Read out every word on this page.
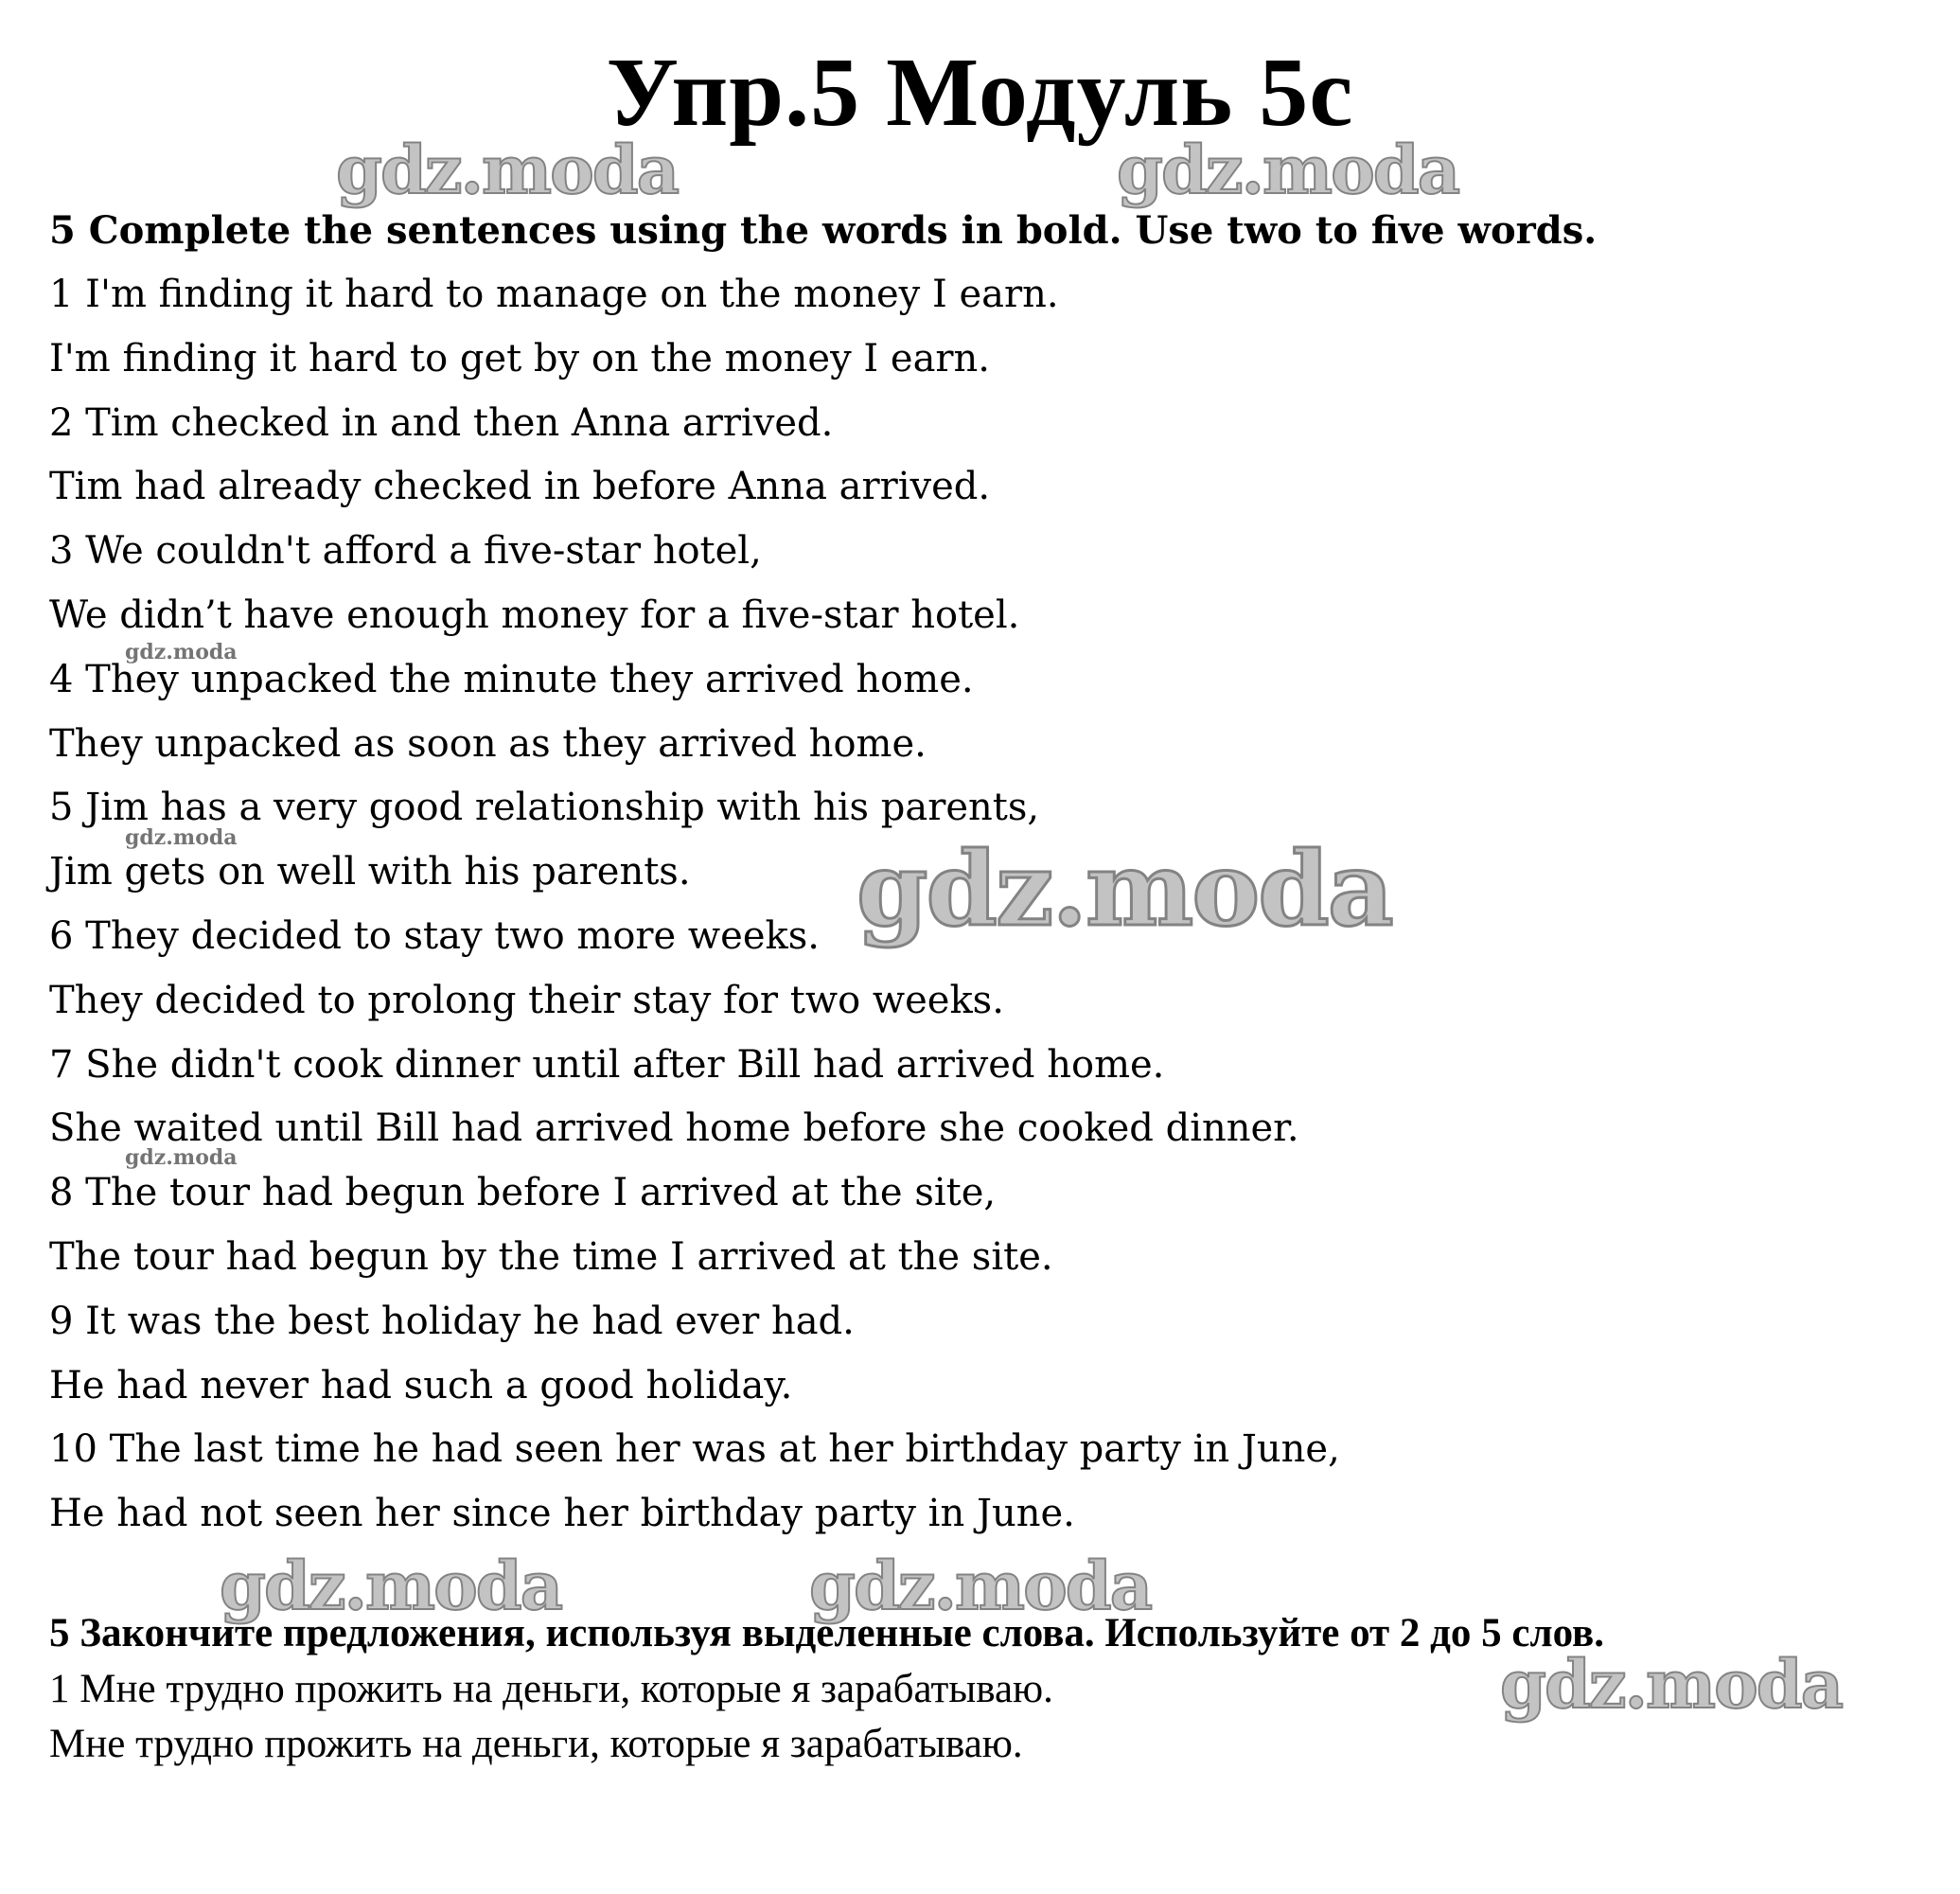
Упр.5 Модуль 5с
gdz.moda	gdz.moda
gdz.moda
gdz.moda	gdz.moda
gdz.moda
gdz.moda	gdz.moda
gdz.moda
5 Complete the sentences using the words in bold. Use two to five words.
1 I'm finding it hard to manage on the money I earn.
I'm finding it hard to get by on the money I earn.
2 Tim checked in and then Anna arrived.
Tim had already checked in before Anna arrived.
3 We couldn't afford a five-star hotel,
We didn’t have enough money for a five-star hotel.
4 They unpacked the minute they arrived home.
They unpacked as soon as they arrived home.
5 Jim has a very good relationship with his parents,
Jim gets on well with his parents.
6 They decided to stay two more weeks.
They decided to prolong their stay for two weeks.
7 She didn't cook dinner until after Bill had arrived home.
She waited until Bill had arrived home before she cooked dinner.
8 The tour had begun before I arrived at the site,
The tour had begun by the time I arrived at the site.
9 It was the best holiday he had ever had.
He had never had such a good holiday.
10 The last time he had seen her was at her birthday party in June,
He had not seen her since her birthday party in June.
5 Закончите предложения, используя выделенные слова. Используйте от 2 до 5 слов.
1 Мне трудно прожить на деньги, которые я зарабатываю.
Мне трудно прожить на деньги, которые я зарабатываю.
